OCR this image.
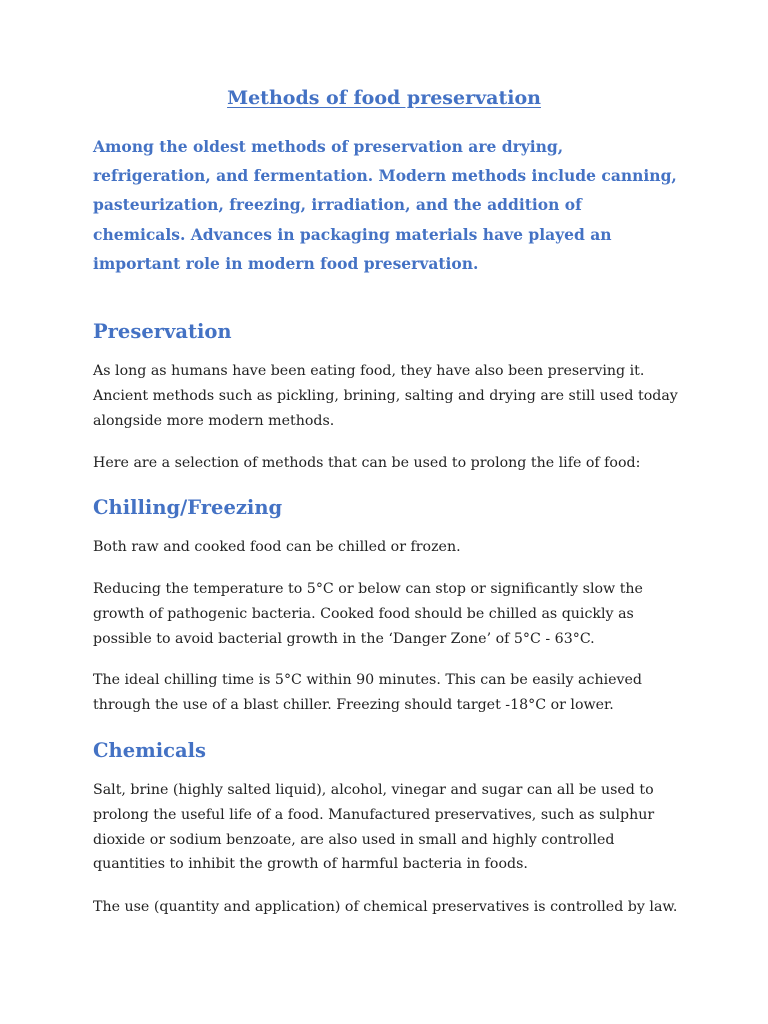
Methods of food preservation

Among the oldest methods of preservation are drying, refrigeration, and fermentation. Modern methods include canning, pasteurization, freezing, irradiation, and the addition of chemicals. Advances in packaging materials have played an important role in modern food preservation.

Preservation

As long as humans have been eating food, they have also been preserving it. Ancient methods such as pickling, brining, salting and drying are still used today alongside more modern methods.

Here are a selection of methods that can be used to prolong the life of food:

Chilling/Freezing

Both raw and cooked food can be chilled or frozen.

Reducing the temperature to 5°C or below can stop or significantly slow the growth of pathogenic bacteria. Cooked food should be chilled as quickly as possible to avoid bacterial growth in the ‘Danger Zone’ of 5°C - 63°C.

The ideal chilling time is 5°C within 90 minutes. This can be easily achieved through the use of a blast chiller. Freezing should target -18°C or lower.

Chemicals

Salt, brine (highly salted liquid), alcohol, vinegar and sugar can all be used to prolong the useful life of a food. Manufactured preservatives, such as sulphur dioxide or sodium benzoate, are also used in small and highly controlled quantities to inhibit the growth of harmful bacteria in foods.

The use (quantity and application) of chemical preservatives is controlled by law.
